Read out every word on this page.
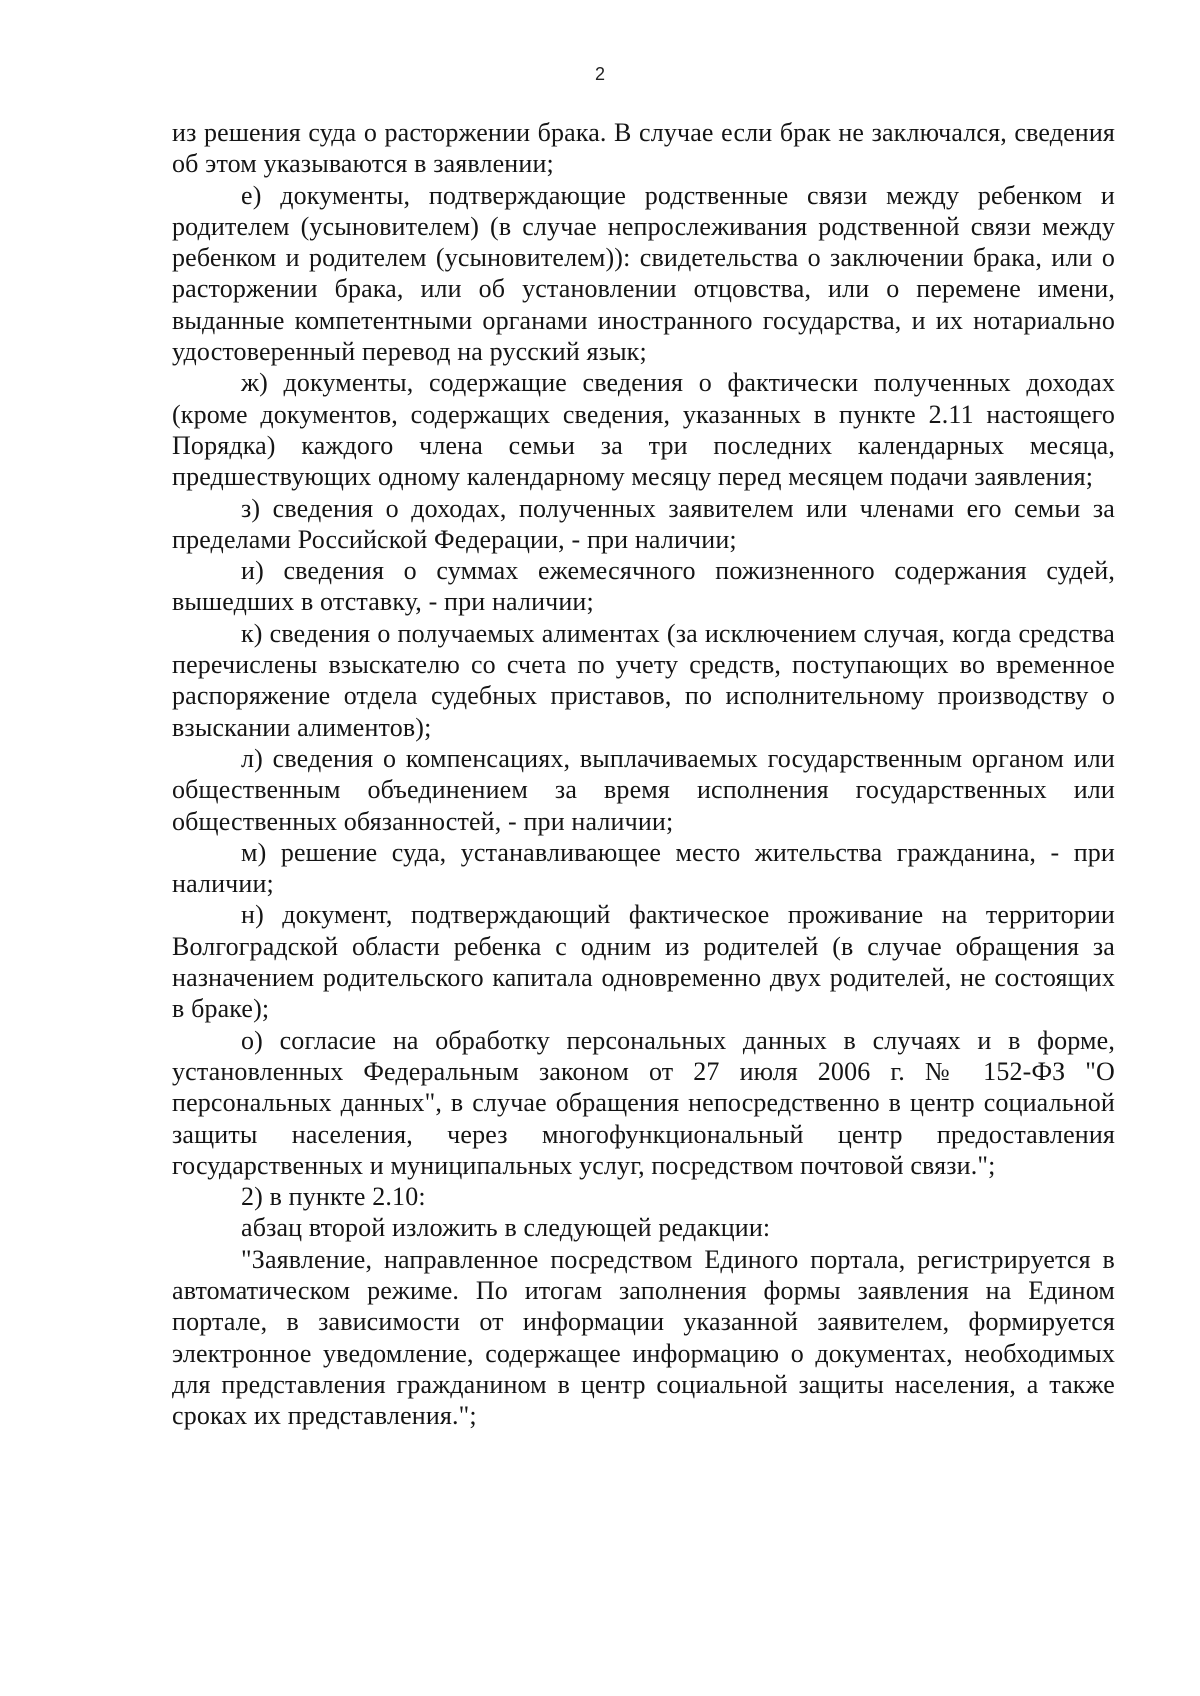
2

из решения суда о расторжении брака. В случае если брак не заключался, сведения об этом указываются в заявлении;

е) документы, подтверждающие родственные связи между ребенком и родителем (усыновителем) (в случае непрослеживания родственной связи между ребенком и родителем (усыновителем)): свидетельства о заключении брака, или о расторжении брака, или об установлении отцовства, или о перемене имени, выданные компетентными органами иностранного государства, и их нотариально удостоверенный перевод на русский язык;

ж) документы, содержащие сведения о фактически полученных доходах (кроме документов, содержащих сведения, указанных в пункте 2.11 настоящего Порядка) каждого члена семьи за три последних календарных месяца, предшествующих одному календарному месяцу перед месяцем подачи заявления;

з) сведения о доходах, полученных заявителем или членами его семьи за пределами Российской Федерации, - при наличии;

и) сведения о суммах ежемесячного пожизненного содержания судей, вышедших в отставку, - при наличии;

к) сведения о получаемых алиментах (за исключением случая, когда средства перечислены взыскателю со счета по учету средств, поступающих во временное распоряжение отдела судебных приставов, по исполнительному производству о взыскании алиментов);

л) сведения о компенсациях, выплачиваемых государственным органом или общественным объединением за время исполнения государственных или общественных обязанностей, - при наличии;

м) решение суда, устанавливающее место жительства гражданина, - при наличии;

н) документ, подтверждающий фактическое проживание на территории Волгоградской области ребенка с одним из родителей (в случае обращения за назначением родительского капитала одновременно двух родителей, не состоящих в браке);

о) согласие на обработку персональных данных в случаях и в форме, установленных Федеральным законом от 27 июля 2006 г. № 152-ФЗ "О персональных данных", в случае обращения непосредственно в центр социальной защиты населения, через многофункциональный центр предоставления государственных и муниципальных услуг, посредством почтовой связи.";

2) в пункте 2.10:

абзац второй изложить в следующей редакции:

"Заявление, направленное посредством Единого портала, регистрируется в автоматическом режиме. По итогам заполнения формы заявления на Едином портале, в зависимости от информации указанной заявителем, формируется электронное уведомление, содержащее информацию о документах, необходимых для представления гражданином в центр социальной защиты населения, а также сроках их представления.";
